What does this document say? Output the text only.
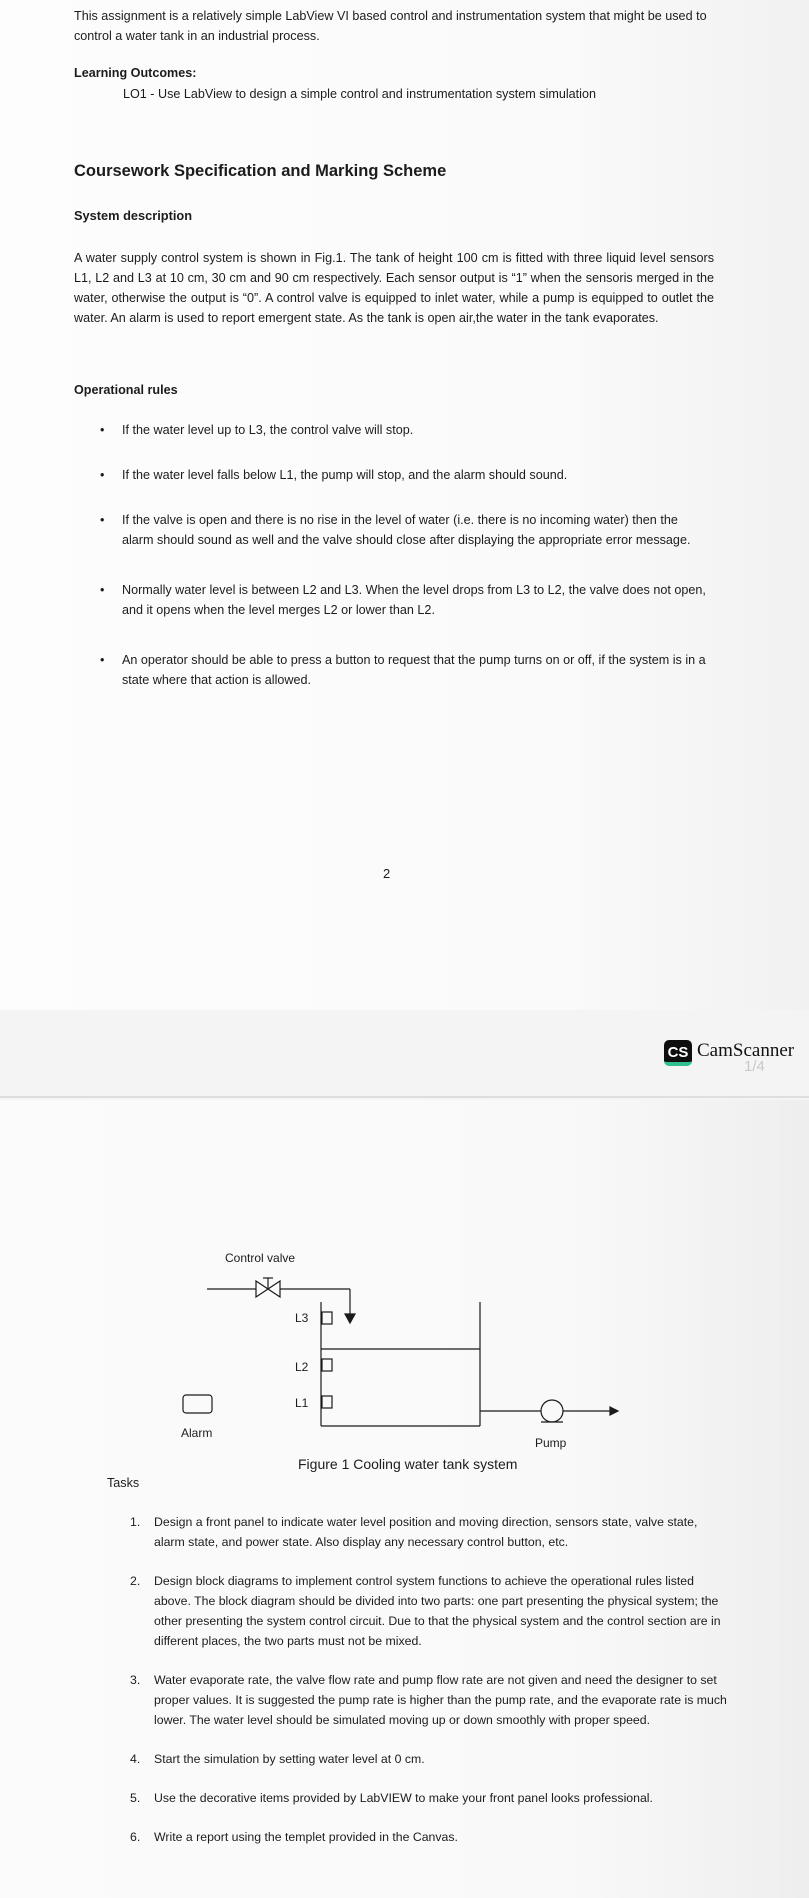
This assignment is a relatively simple LabView VI based control and instrumentation system that might be used to control a water tank in an industrial process.

Learning Outcomes:

LO1 - Use LabView to design a simple control and instrumentation system simulation

Coursework Specification and Marking Scheme
System description

A water supply control system is shown in Fig.1. The tank of height 100 cm is fitted with three liquid level sensors L1, L2 and L3 at 10 cm, 30 cm and 90 cm respectively. Each sensor output is “1” when the sensoris merged in the water, otherwise the output is “0”. A control valve is equipped to inlet water, while a pump is equipped to outlet the water. An alarm is used to report emergent state. As the tank is open air,the water in the tank evaporates.

Operational rules

• If the water level up to L3, the control valve will stop.
• If the water level falls below L1, the pump will stop, and the alarm should sound.
• If the valve is open and there is no rise in the level of water (i.e. there is no incoming water) then the alarm should sound as well and the valve should close after displaying the appropriate error message.
• Normally water level is between L2 and L3. When the level drops from L3 to L2, the valve does not open, and it opens when the level merges L2 or lower than L2.
• An operator should be able to press a button to request that the pump turns on or off, if the system is in a state where that action is allowed.
2
CS CamScanner
1/4
Control valve
L3
L2
L1
Alarm
Pump
Figure 1 Cooling water tank system
Tasks
1. Design a front panel to indicate water level position and moving direction, sensors state, valve state, alarm state, and power state. Also display any necessary control button, etc.
2. Design block diagrams to implement control system functions to achieve the operational rules listed above. The block diagram should be divided into two parts: one part presenting the physical system; the other presenting the system control circuit. Due to that the physical system and the control section are in different places, the two parts must not be mixed.
3. Water evaporate rate, the valve flow rate and pump flow rate are not given and need the designer to set proper values. It is suggested the pump rate is higher than the pump rate, and the evaporate rate is much lower. The water level should be simulated moving up or down smoothly with proper speed.
4. Start the simulation by setting water level at 0 cm.
5. Use the decorative items provided by LabVIEW to make your front panel looks professional.
6. Write a report using the templet provided in the Canvas.
